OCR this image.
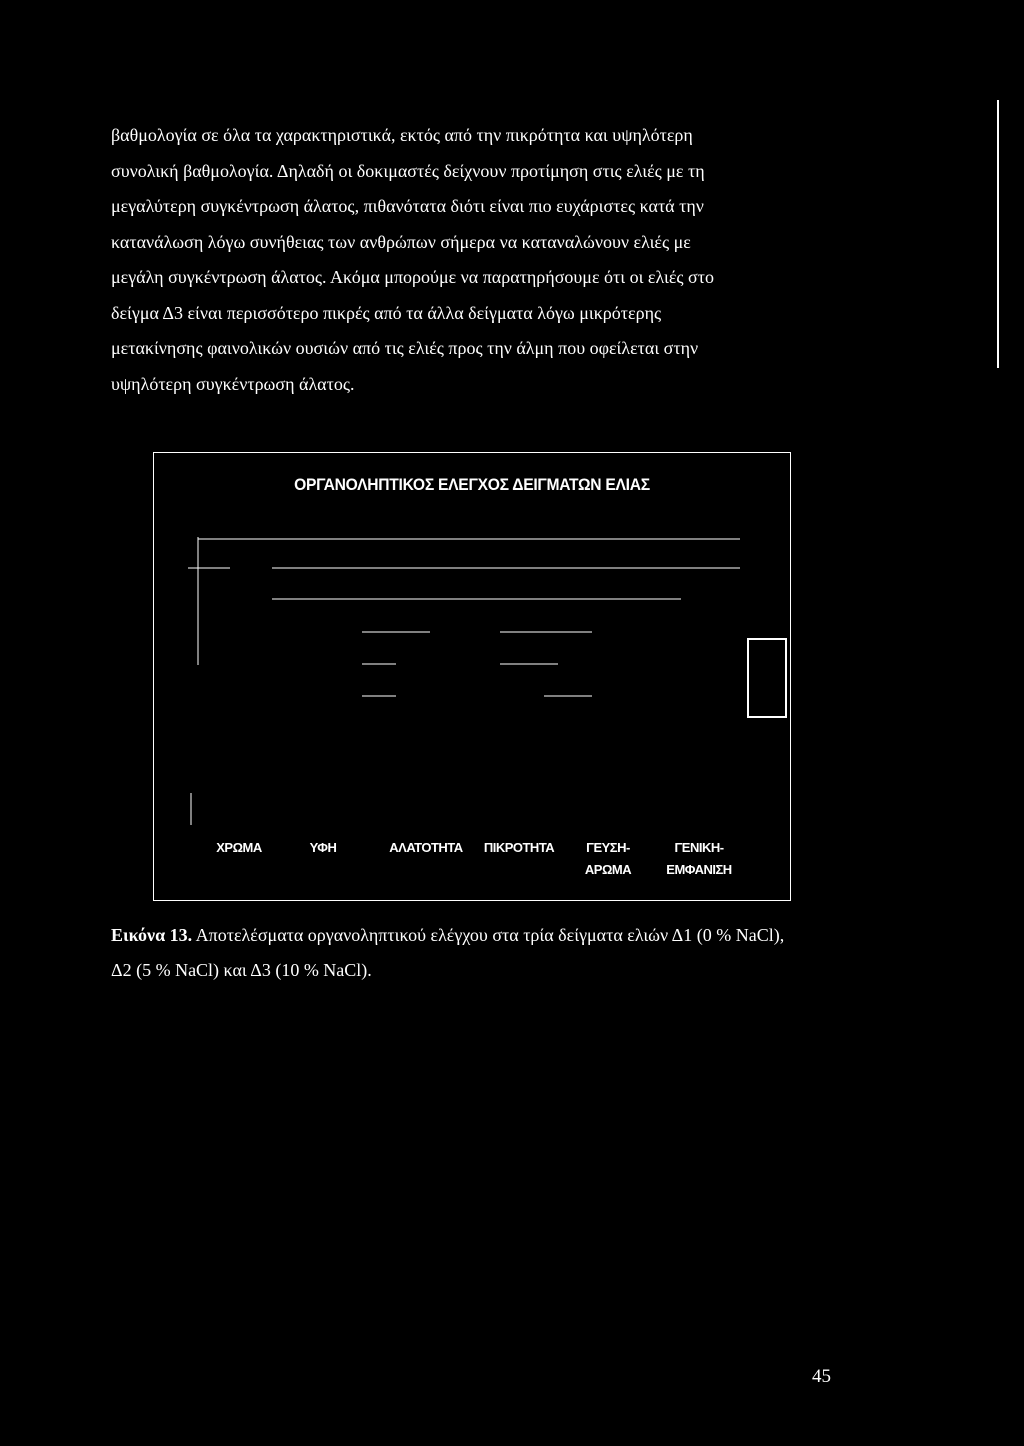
βαθμολογία σε όλα τα χαρακτηριστικά, εκτός από την πικρότητα και υψηλότερη
συνολική βαθμολογία. Δηλαδή οι δοκιμαστές δείχνουν προτίμηση στις ελιές με τη
μεγαλύτερη συγκέντρωση άλατος, πιθανότατα διότι είναι πιο ευχάριστες κατά την
κατανάλωση λόγω συνήθειας των ανθρώπων σήμερα να καταναλώνουν ελιές με
μεγάλη συγκέντρωση άλατος. Ακόμα μπορούμε να παρατηρήσουμε ότι οι ελιές στο
δείγμα Δ3 είναι περισσότερο πικρές από τα άλλα δείγματα λόγω μικρότερης
μετακίνησης φαινολικών ουσιών από τις ελιές προς την άλμη που οφείλεται στην
υψηλότερη συγκέντρωση άλατος.
ΟΡΓΑΝΟΛΗΠΤΙΚΟΣ ΕΛΕΓΧΟΣ ΔΕΙΓΜΑΤΩΝ ΕΛΙΑΣ
ΧΡΩΜΑ	ΥΦΗ	ΑΛΑΤΟΤΗΤΑ	ΠΙΚΡΟΤΗΤΑ	ΓΕΥΣΗ-
ΑΡΩΜΑ
ΓΕΝΙΚΗ-
ΕΜΦΑΝΙΣΗ
Εικόνα 13. Αποτελέσματα οργανοληπτικού ελέγχου στα τρία δείγματα ελιών Δ1 (0 % NaCl),
Δ2 (5 % NaCl) και Δ3 (10 % NaCl).
45
